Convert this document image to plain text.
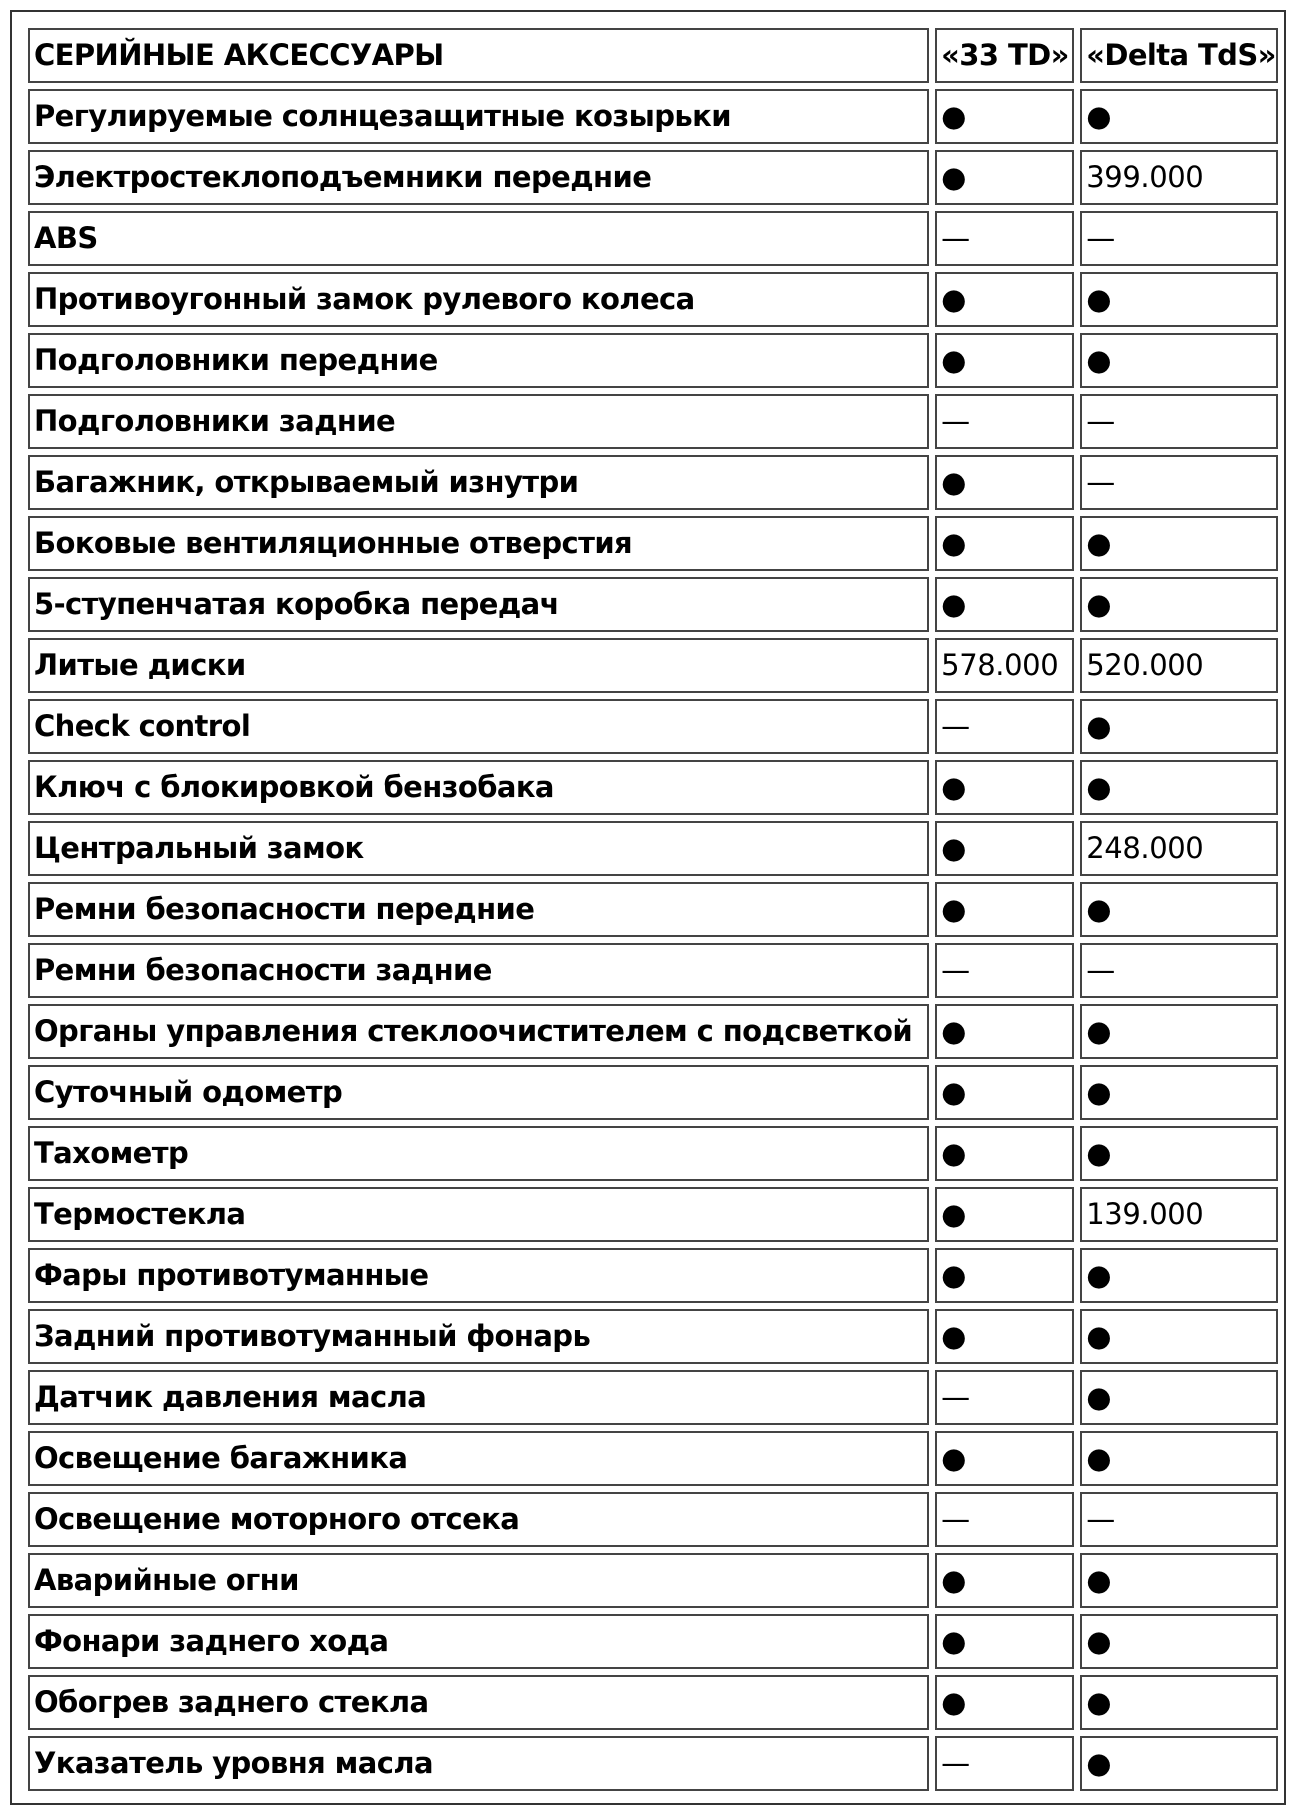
СЕРИЙНЫЕ АКСЕССУАРЫ	«33 TD»	«Delta TdS»
Регулируемые солнцезащитные козырьки	●	●
Электростеклоподъемники передние	●	399.000
ABS	—	—
Противоугонный замок рулевого колеса	●	●
Подголовники передние	●	●
Подголовники задние	—	—
Багажник, открываемый изнутри	●	—
Боковые вентиляционные отверстия	●	●
5-ступенчатая коробка передач	●	●
Литые диски	578.000	520.000
Check control	—	●
Ключ с блокировкой бензобака	●	●
Центральный замок	●	248.000
Ремни безопасности передние	●	●
Ремни безопасности задние	—	—
Органы управления стеклоочистителем с подсветкой	●	●
Суточный одометр	●	●
Тахометр	●	●
Термостекла	●	139.000
Фары противотуманные	●	●
Задний противотуманный фонарь	●	●
Датчик давления масла	—	●
Освещение багажника	●	●
Освещение моторного отсека	—	—
Аварийные огни	●	●
Фонари заднего хода	●	●
Обогрев заднего стекла	●	●
Указатель уровня масла	—	●
